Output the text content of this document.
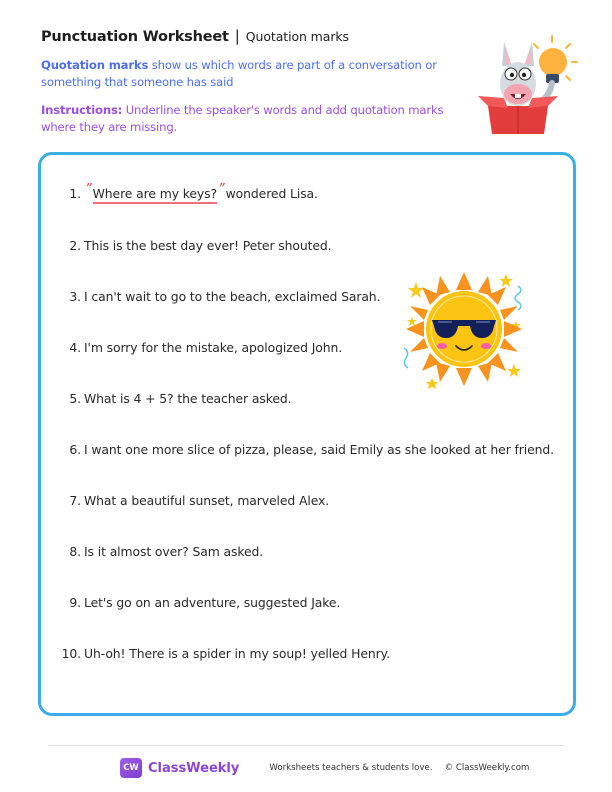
Punctuation Worksheet | Quotation marks
Quotation marks show us which words are part of a conversation or something that someone has said
Instructions: Underline the speaker's words and add quotation marks where they are missing.
1. ”Where are my keys?”wondered Lisa.
2. This is the best day ever! Peter shouted.
3. I can't wait to go to the beach, exclaimed Sarah.
4. I'm sorry for the mistake, apologized John.
5. What is 4 + 5? the teacher asked.
6. I want one more slice of pizza, please, said Emily as she looked at her friend.
7. What a beautiful sunset, marveled Alex.
8. Is it almost over? Sam asked.
9. Let's go on an adventure, suggested Jake.
10. Uh-oh! There is a spider in my soup! yelled Henry.
CW ClassWeekly	Worksheets teachers & students love. © ClassWeekly.com
